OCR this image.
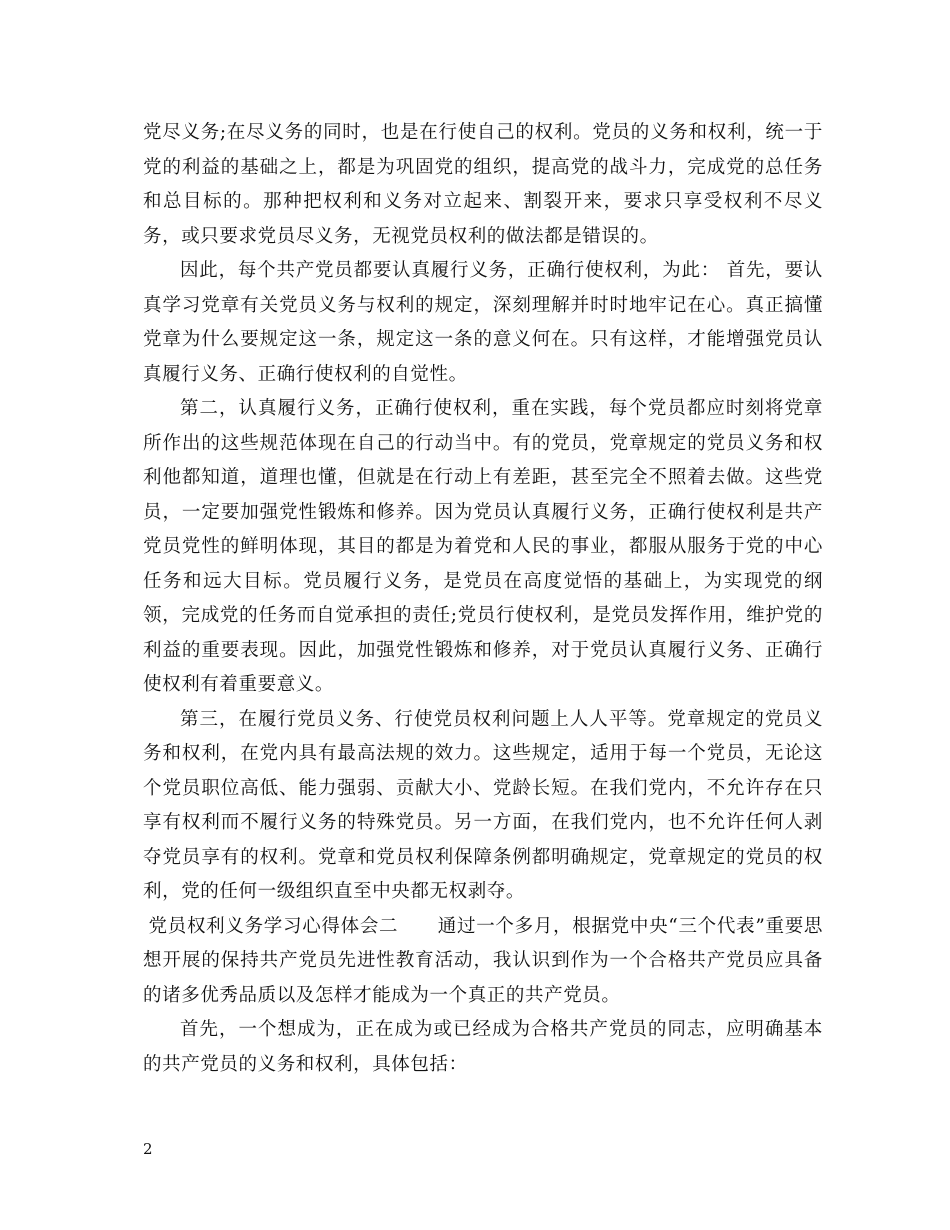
党尽义务;在尽义务的同时，也是在行使自己的权利。党员的义务和权利，统一于党的利益的基础之上，都是为巩固党的组织，提高党的战斗力，完成党的总任务和总目标的。那种把权利和义务对立起来、割裂开来，要求只享受权利不尽义务，或只要求党员尽义务，无视党员权利的做法都是错误的。

因此，每个共产党员都要认真履行义务，正确行使权利，为此： 首先，要认真学习党章有关党员义务与权利的规定，深刻理解并时时地牢记在心。真正搞懂党章为什么要规定这一条，规定这一条的意义何在。只有这样，才能增强党员认真履行义务、正确行使权利的自觉性。

第二，认真履行义务，正确行使权利，重在实践，每个党员都应时刻将党章所作出的这些规范体现在自己的行动当中。有的党员，党章规定的党员义务和权利他都知道，道理也懂，但就是在行动上有差距，甚至完全不照着去做。这些党员，一定要加强党性锻炼和修养。因为党员认真履行义务，正确行使权利是共产党员党性的鲜明体现，其目的都是为着党和人民的事业，都服从服务于党的中心任务和远大目标。党员履行义务，是党员在高度觉悟的基础上，为实现党的纲领，完成党的任务而自觉承担的责任;党员行使权利，是党员发挥作用，维护党的利益的重要表现。因此，加强党性锻炼和修养，对于党员认真履行义务、正确行使权利有着重要意义。

第三，在履行党员义务、行使党员权利问题上人人平等。党章规定的党员义务和权利，在党内具有最高法规的效力。这些规定，适用于每一个党员，无论这个党员职位高低、能力强弱、贡献大小、党龄长短。在我们党内，不允许存在只享有权利而不履行义务的特殊党员。另一方面，在我们党内，也不允许任何人剥夺党员享有的权利。党章和党员权利保障条例都明确规定，党章规定的党员的权利，党的任何一级组织直至中央都无权剥夺。

党员权利义务学习心得体会二      通过一个多月，根据党中央“三个代表”重要思想开展的保持共产党员先进性教育活动，我认识到作为一个合格共产党员应具备的诸多优秀品质以及怎样才能成为一个真正的共产党员。

首先，一个想成为，正在成为或已经成为合格共产党员的同志，应明确基本的共产党员的义务和权利，具体包括：

2
